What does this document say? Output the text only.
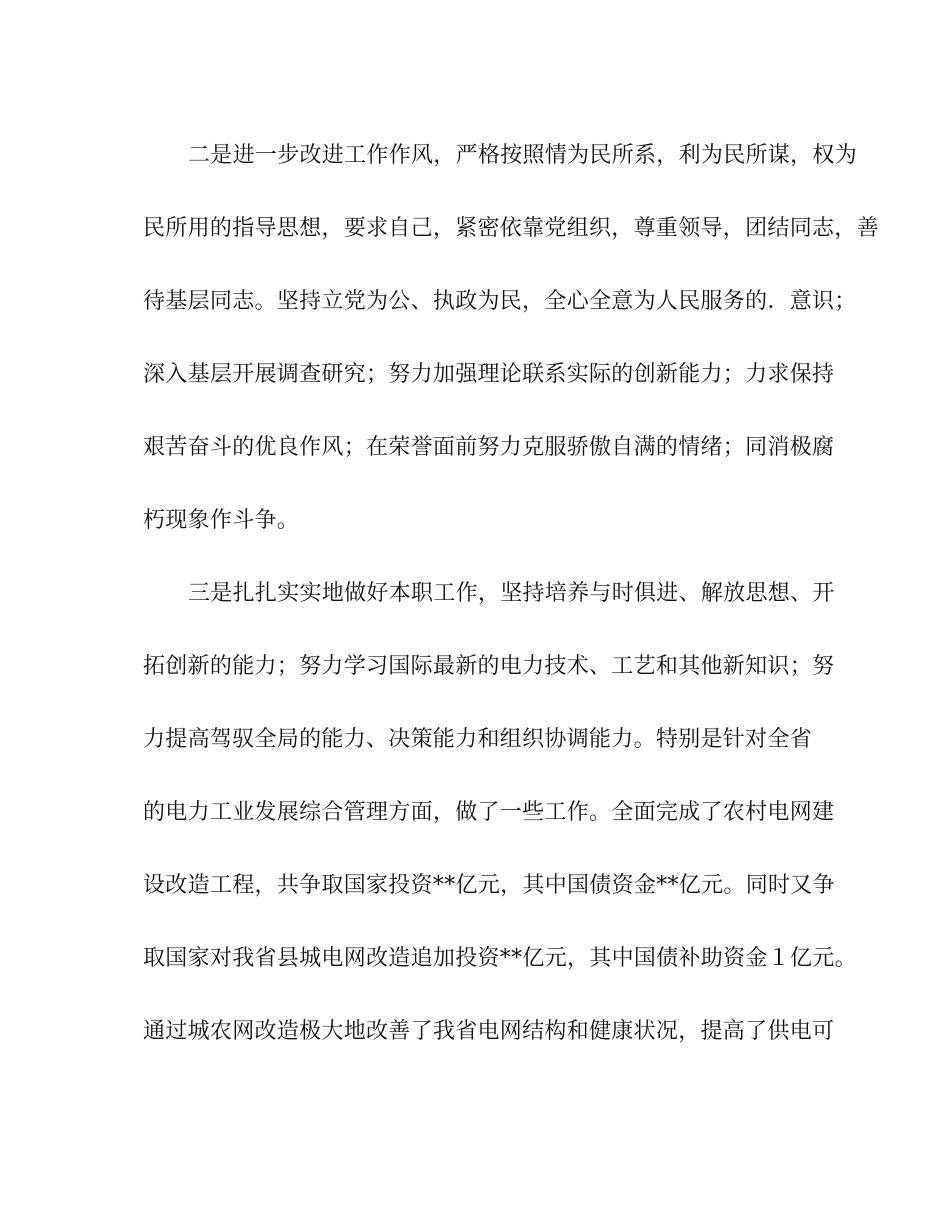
二是进一步改进工作作风，严格按照情为民所系，利为民所谋，权为
民所用的指导思想，要求自己，紧密依靠党组织，尊重领导，团结同志，善
待基层同志。坚持立党为公、执政为民，全心全意为人民服务的．意识；
深入基层开展调查研究；努力加强理论联系实际的创新能力；力求保持
艰苦奋斗的优良作风；在荣誉面前努力克服骄傲自满的情绪；同消极腐
朽现象作斗争。
三是扎扎实实地做好本职工作，坚持培养与时俱进、解放思想、开
拓创新的能力；努力学习国际最新的电力技术、工艺和其他新知识；努
力提高驾驭全局的能力、决策能力和组织协调能力。特别是针对全省
的电力工业发展综合管理方面，做了一些工作。全面完成了农村电网建
设改造工程，共争取国家投资**亿元，其中国债资金**亿元。同时又争
取国家对我省县城电网改造追加投资**亿元，其中国债补助资金１亿元。
通过城农网改造极大地改善了我省电网结构和健康状况，提高了供电可
